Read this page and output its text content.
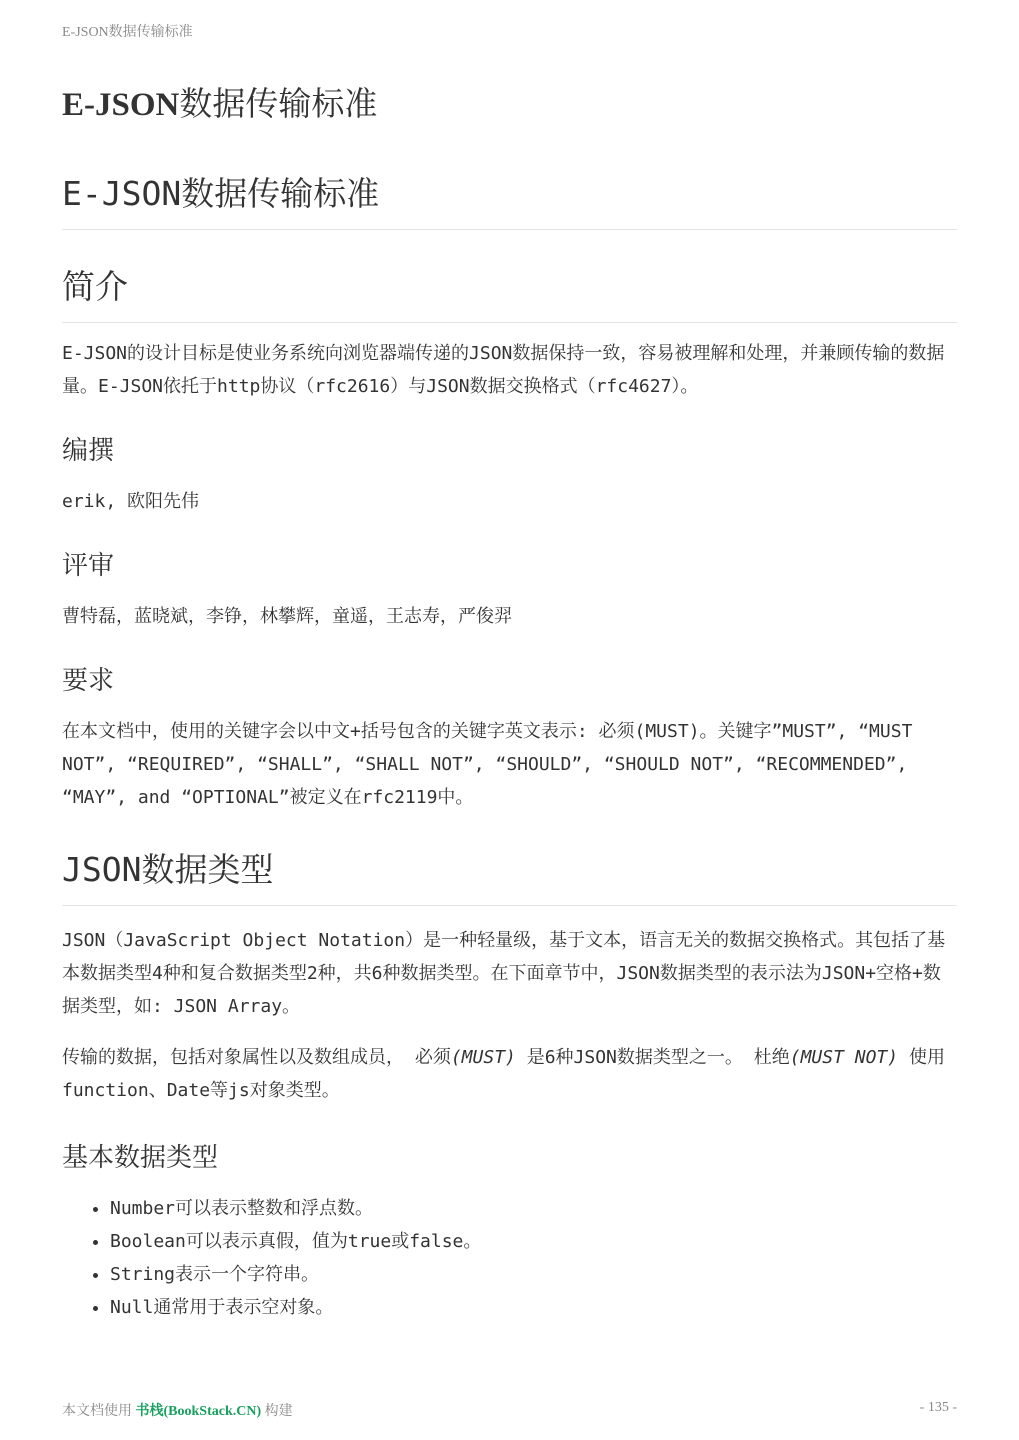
E-JSON数据传输标准
E-JSON数据传输标准
E-JSON数据传输标准
简介

E-JSON的设计目标是使业务系统向浏览器端传递的JSON数据保持一致，容易被理解和处理，并兼顾传输的数据量。E-JSON依托于http协议（rfc2616）与JSON数据交换格式（rfc4627）。

编撰

erik, 欧阳先伟

评审

曹特磊，蓝晓斌，李铮，林攀辉，童遥，王志寿，严俊羿

要求

在本文档中，使用的关键字会以中文+括号包含的关键字英文表示: 必须(MUST)。关键字”MUST”, “MUST NOT”, “REQUIRED”, “SHALL”, “SHALL NOT”, “SHOULD”, “SHOULD NOT”, “RECOMMENDED”, “MAY”, and “OPTIONAL”被定义在rfc2119中。

JSON数据类型

JSON（JavaScript Object Notation）是一种轻量级，基于文本，语言无关的数据交换格式。其包括了基本数据类型4种和复合数据类型2种，共6种数据类型。在下面章节中，JSON数据类型的表示法为JSON+空格+数据类型，如: JSON Array。

传输的数据，包括对象属性以及数组成员， 必须(MUST) 是6种JSON数据类型之一。 杜绝(MUST NOT) 使用function、Date等js对象类型。

基本数据类型
• Number可以表示整数和浮点数。
• Boolean可以表示真假，值为true或false。
• String表示一个字符串。
• Null通常用于表示空对象。
本文档使用 书栈(BookStack.CN) 构建	- 135 -
